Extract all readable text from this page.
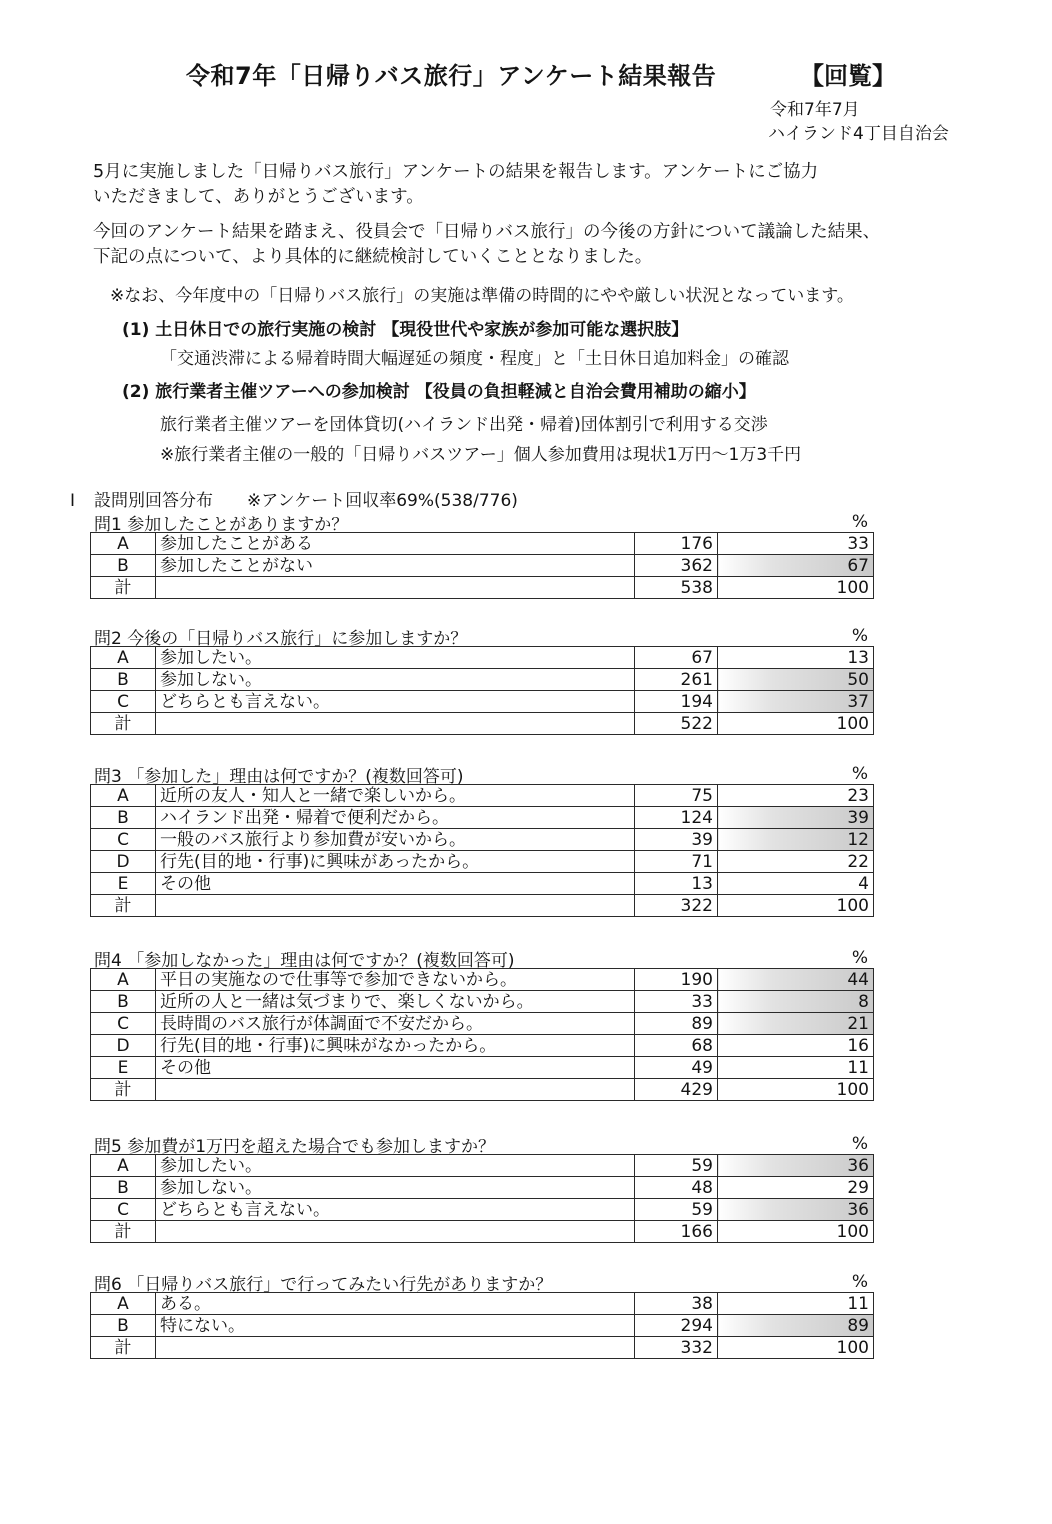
令和7年「日帰りバス旅行」アンケート結果報告	【回覧】
令和7年7月
ハイランド4丁目自治会
5月に実施しました「日帰りバス旅行」アンケートの結果を報告します。アンケートにご協力
いただきまして、ありがとうございます。
今回のアンケート結果を踏まえ、役員会で「日帰りバス旅行」の今後の方針について議論した結果、
下記の点について、より具体的に継続検討していくこととなりました。
※なお、今年度中の「日帰りバス旅行」の実施は準備の時間的にやや厳しい状況となっています。
(1) 土日休日での旅行実施の検討 【現役世代や家族が参加可能な選択肢】
「交通渋滞による帰着時間大幅遅延の頻度・程度」と「土日休日追加料金」の確認
(2) 旅行業者主催ツアーへの参加検討 【役員の負担軽減と自治会費用補助の縮小】
旅行業者主催ツアーを団体貸切(ハイランド出発・帰着)団体割引で利用する交渉
※旅行業者主催の一般的「日帰りバスツアー」個人参加費用は現状1万円～1万3千円
Ⅰ 設問別回答分布 ※アンケート回収率69%(538/776)
問1 参加したことがありますか？	%
A	参加したことがある	176	33
B	参加したことがない	362	67
計		538	100
問2 今後の「日帰りバス旅行」に参加しますか？	%
A	参加したい。	67	13
B	参加しない。	261	50
C	どちらとも言えない。	194	37
計		522	100
問3 「参加した」理由は何ですか？(複数回答可)	%
A	近所の友人・知人と一緒で楽しいから。	75	23
B	ハイランド出発・帰着で便利だから。	124	39
C	一般のバス旅行より参加費が安いから。	39	12
D	行先(目的地・行事)に興味があったから。	71	22
E	その他	13	4
計		322	100
問4 「参加しなかった」理由は何ですか？(複数回答可)	%
A	平日の実施なので仕事等で参加できないから。	190	44
B	近所の人と一緒は気づまりで、楽しくないから。	33	8
C	長時間のバス旅行が体調面で不安だから。	89	21
D	行先(目的地・行事)に興味がなかったから。	68	16
E	その他	49	11
計		429	100
問5 参加費が1万円を超えた場合でも参加しますか？	%
A	参加したい。	59	36
B	参加しない。	48	29
C	どちらとも言えない。	59	36
計		166	100
問6 「日帰りバス旅行」で行ってみたい行先がありますか？	%
A	ある。	38	11
B	特にない。	294	89
計		332	100
